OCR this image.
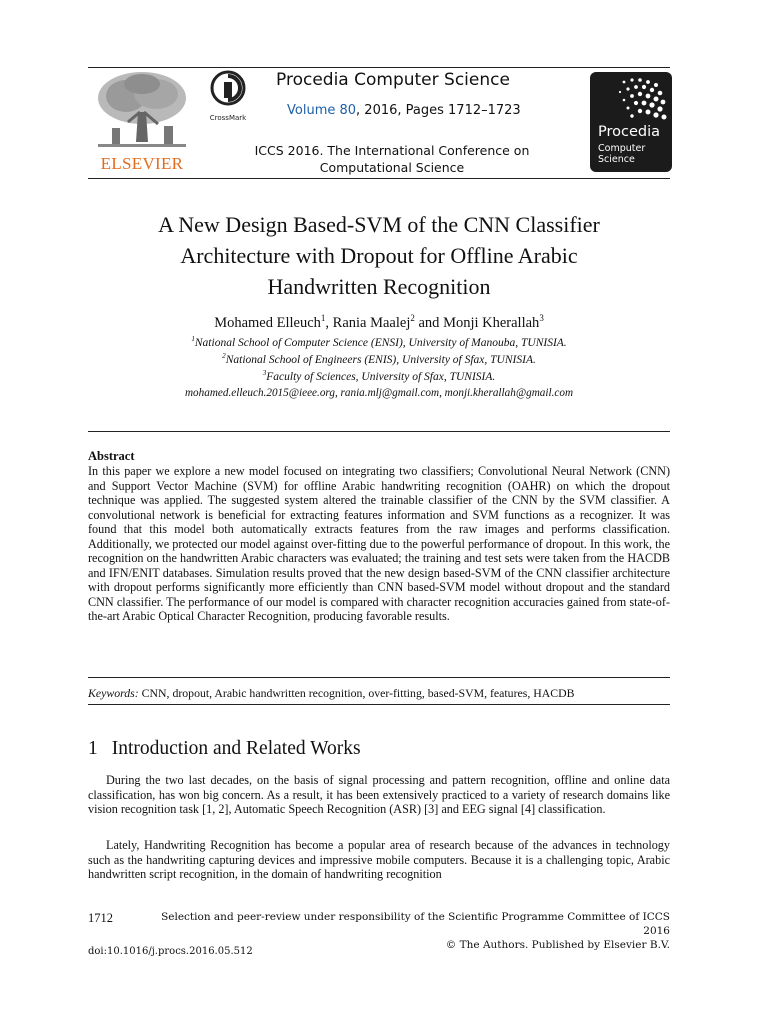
ELSEVIER
CrossMark
Procedia Computer Science
Volume 80, 2016, Pages 1712–1723
ICCS 2016. The International Conference on Computational Science
Procedia
Computer Science
A New Design Based-SVM of the CNN Classifier
Architecture with Dropout for Offline Arabic
Handwritten Recognition
Mohamed Elleuch$^1$, Rania Maalej$^2$ and Monji Kherallah$^3$
$^1$National School of Computer Science (ENSI), University of Manouba, TUNISIA.
$^2$National School of Engineers (ENIS), University of Sfax, TUNISIA.
$^3$Faculty of Sciences, University of Sfax, TUNISIA.
mohamed.elleuch.2015@ieee.org, rania.mlj@gmail.com, monji.kherallah@gmail.com
Abstract
In this paper we explore a new model focused on integrating two classifiers; Convolutional Neural Network (CNN) and Support Vector Machine (SVM) for offline Arabic handwriting recognition (OAHR) on which the dropout technique was applied. The suggested system altered the trainable classifier of the CNN by the SVM classifier. A convolutional network is beneficial for extracting features information and SVM functions as a recognizer. It was found that this model both automatically extracts features from the raw images and performs classification. Additionally, we protected our model against over-fitting due to the powerful performance of dropout. In this work, the recognition on the handwritten Arabic characters was evaluated; the training and test sets were taken from the HACDB and IFN/ENIT databases. Simulation results proved that the new design based-SVM of the CNN classifier architecture with dropout performs significantly more efficiently than CNN based-SVM model without dropout and the standard CNN classifier. The performance of our model is compared with character recognition accuracies gained from state-of-the-art Arabic Optical Character Recognition, producing favorable results.
Keywords: CNN, dropout, Arabic handwritten recognition, over-fitting, based-SVM, features, HACDB
1 Introduction and Related Works
During the two last decades, on the basis of signal processing and pattern recognition, offline and online data classification, has won big concern. As a result, it has been extensively practiced to a variety of research domains like vision recognition task [1, 2], Automatic Speech Recognition (ASR) [3] and EEG signal [4] classification.
Lately, Handwriting Recognition has become a popular area of research because of the advances in technology such as the handwriting capturing devices and impressive mobile computers. Because it is a challenging topic, Arabic handwritten script recognition, in the domain of handwriting recognition
1712	Selection and peer-review under responsibility of the Scientific Programme Committee of ICCS 2016
© The Authors. Published by Elsevier B.V.
doi:10.1016/j.procs.2016.05.512
